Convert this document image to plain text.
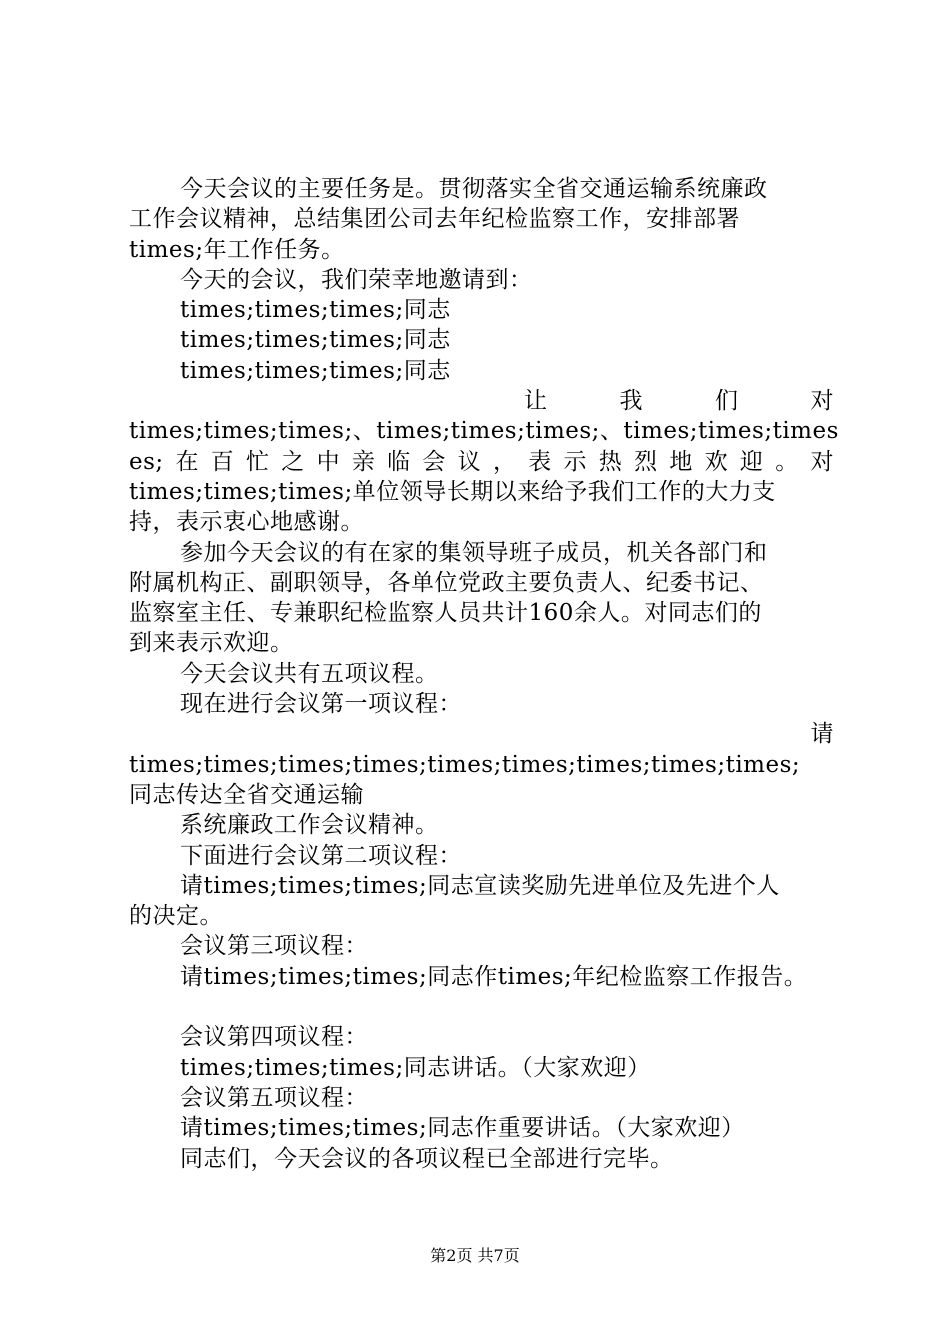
今天会议的主要任务是。贯彻落实全省交通运输系统廉政
工作会议精神，总结集团公司去年纪检监察工作，安排部署
times;年工作任务。
今天的会议，我们荣幸地邀请到：
times;times;times;同志
times;times;times;同志
times;times;times;同志
让 我 们 对
times;times;times;、times;times;times;、times;times;times
es;在百忙之中亲临会议，表示热烈地欢迎。对
times;times;times;单位领导长期以来给予我们工作的大力支
持，表示衷心地感谢。
参加今天会议的有在家的集领导班子成员，机关各部门和
附属机构正、副职领导，各单位党政主要负责人、纪委书记、
监察室主任、专兼职纪检监察人员共计160余人。对同志们的
到来表示欢迎。
今天会议共有五项议程。
现在进行会议第一项议程：
请
times;times;times;times;times;times;times;times;times;
同志传达全省交通运输
系统廉政工作会议精神。
下面进行会议第二项议程：
请times;times;times;同志宣读奖励先进单位及先进个人
的决定。
会议第三项议程：
请times;times;times;同志作times;年纪检监察工作报告。
会议第四项议程：
times;times;times;同志讲话。（大家欢迎）
会议第五项议程：
请times;times;times;同志作重要讲话。（大家欢迎）
同志们，今天会议的各项议程已全部进行完毕。
第2页 共7页
